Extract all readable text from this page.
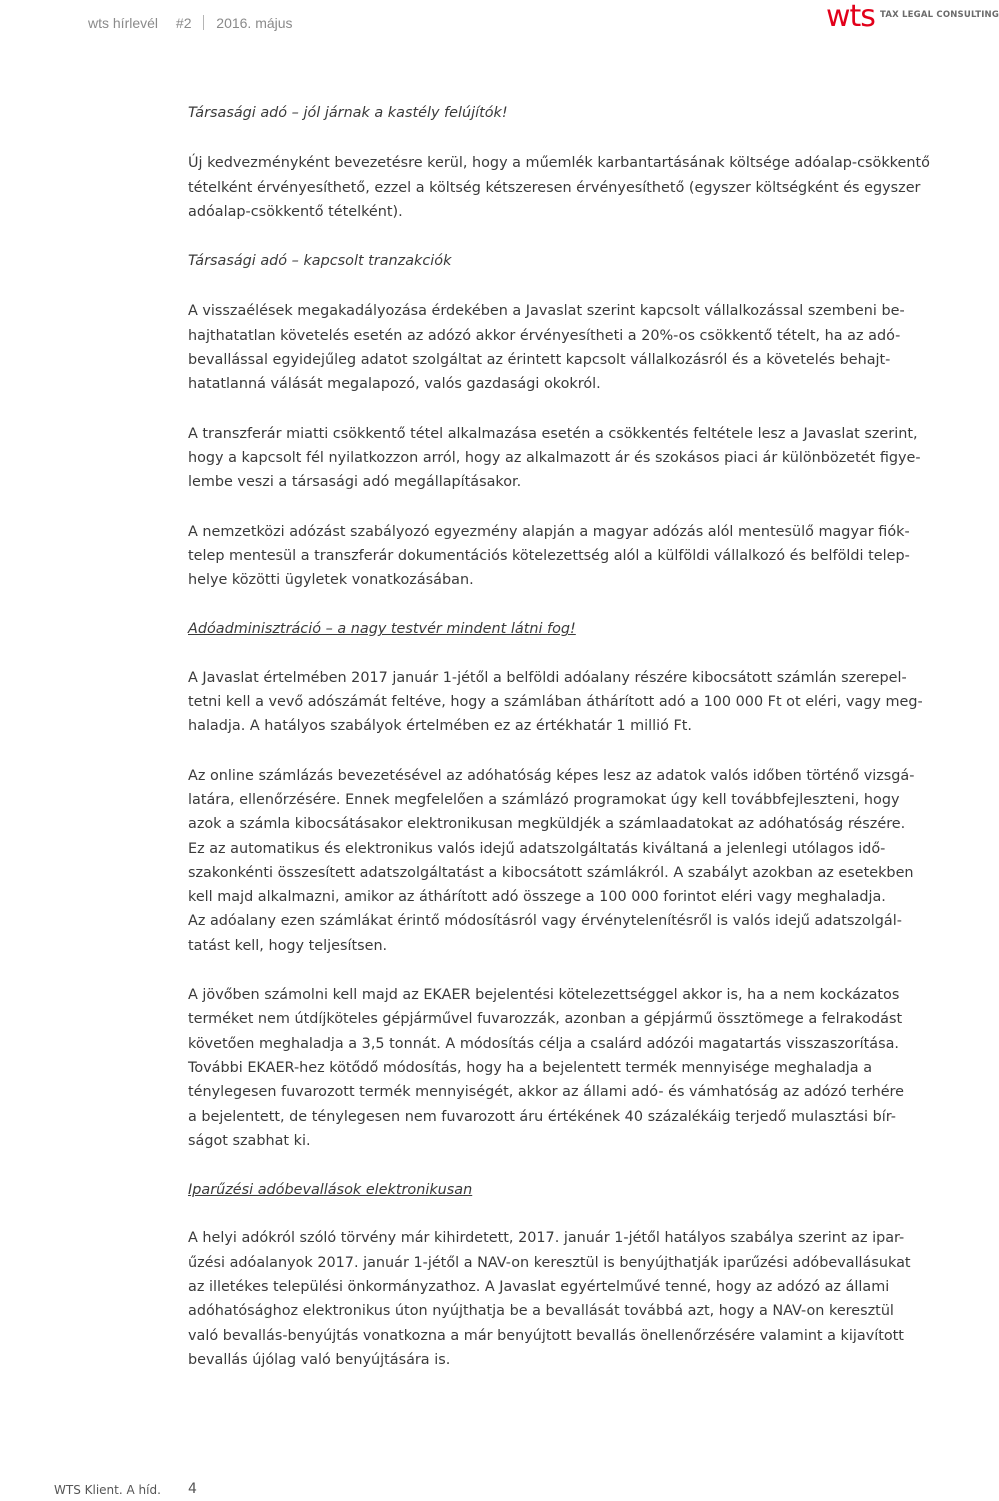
wts hírlevél #2 2016. május	wts TAX LEGAL CONSULTING

Társasági adó – jól járnak a kastély felújítók!

Új kedvezményként bevezetésre kerül, hogy a műemlék karbantartásának költsége adóalap-csökkentő
tételként érvényesíthető, ezzel a költség kétszeresen érvényesíthető (egyszer költségként és egyszer
adóalap-csökkentő tételként).

Társasági adó – kapcsolt tranzakciók

A visszaélések megakadályozása érdekében a Javaslat szerint kapcsolt vállalkozással szembeni be-
hajthatatlan követelés esetén az adózó akkor érvényesítheti a 20%-os csökkentő tételt, ha az adó-
bevallással egyidejűleg adatot szolgáltat az érintett kapcsolt vállalkozásról és a követelés behajt-
hatatlanná válását megalapozó, valós gazdasági okokról.

A transzferár miatti csökkentő tétel alkalmazása esetén a csökkentés feltétele lesz a Javaslat szerint,
hogy a kapcsolt fél nyilatkozzon arról, hogy az alkalmazott ár és szokásos piaci ár különbözetét figye-
lembe veszi a társasági adó megállapításakor.

A nemzetközi adózást szabályozó egyezmény alapján a magyar adózás alól mentesülő magyar fiók-
telep mentesül a transzferár dokumentációs kötelezettség alól a külföldi vállalkozó és belföldi telep-
helye közötti ügyletek vonatkozásában.

Adóadminisztráció – a nagy testvér mindent látni fog!

A Javaslat értelmében 2017 január 1-jétől a belföldi adóalany részére kibocsátott számlán szerepel-
tetni kell a vevő adószámát feltéve, hogy a számlában áthárított adó a 100 000 Ft ot eléri, vagy meg-
haladja. A hatályos szabályok értelmében ez az értékhatár 1 millió Ft.

Az online számlázás bevezetésével az adóhatóság képes lesz az adatok valós időben történő vizsgá-
latára, ellenőrzésére. Ennek megfelelően a számlázó programokat úgy kell továbbfejleszteni, hogy
azok a számla kibocsátásakor elektronikusan megküldjék a számlaadatokat az adóhatóság részére.
Ez az automatikus és elektronikus valós idejű adatszolgáltatás kiváltaná a jelenlegi utólagos idő-
szakonkénti összesített adatszolgáltatást a kibocsátott számlákról. A szabályt azokban az esetekben
kell majd alkalmazni, amikor az áthárított adó összege a 100 000 forintot eléri vagy meghaladja.
Az adóalany ezen számlákat érintő módosításról vagy érvénytelenítésről is valós idejű adatszolgál-
tatást kell, hogy teljesítsen.

A jövőben számolni kell majd az EKAER bejelentési kötelezettséggel akkor is, ha a nem kockázatos
terméket nem útdíjköteles gépjárművel fuvarozzák, azonban a gépjármű össztömege a felrakodást
követően meghaladja a 3,5 tonnát. A módosítás célja a csalárd adózói magatartás visszaszorítása.
További EKAER-hez kötődő módosítás, hogy ha a bejelentett termék mennyisége meghaladja a
ténylegesen fuvarozott termék mennyiségét, akkor az állami adó- és vámhatóság az adózó terhére
a bejelentett, de ténylegesen nem fuvarozott áru értékének 40 százalékáig terjedő mulasztási bír-
ságot szabhat ki.

Iparűzési adóbevallások elektronikusan

A helyi adókról szóló törvény már kihirdetett, 2017. január 1-jétől hatályos szabálya szerint az ipar-
űzési adóalanyok 2017. január 1-jétől a NAV-on keresztül is benyújthatják iparűzési adóbevallásukat
az illetékes települési önkormányzathoz. A Javaslat egyértelművé tenné, hogy az adózó az állami
adóhatósághoz elektronikus úton nyújthatja be a bevallását továbbá azt, hogy a NAV-on keresztül
való bevallás-benyújtás vonatkozna a már benyújtott bevallás önellenőrzésére valamint a kijavított
bevallás újólag való benyújtására is.

WTS Klient. A híd. 4
